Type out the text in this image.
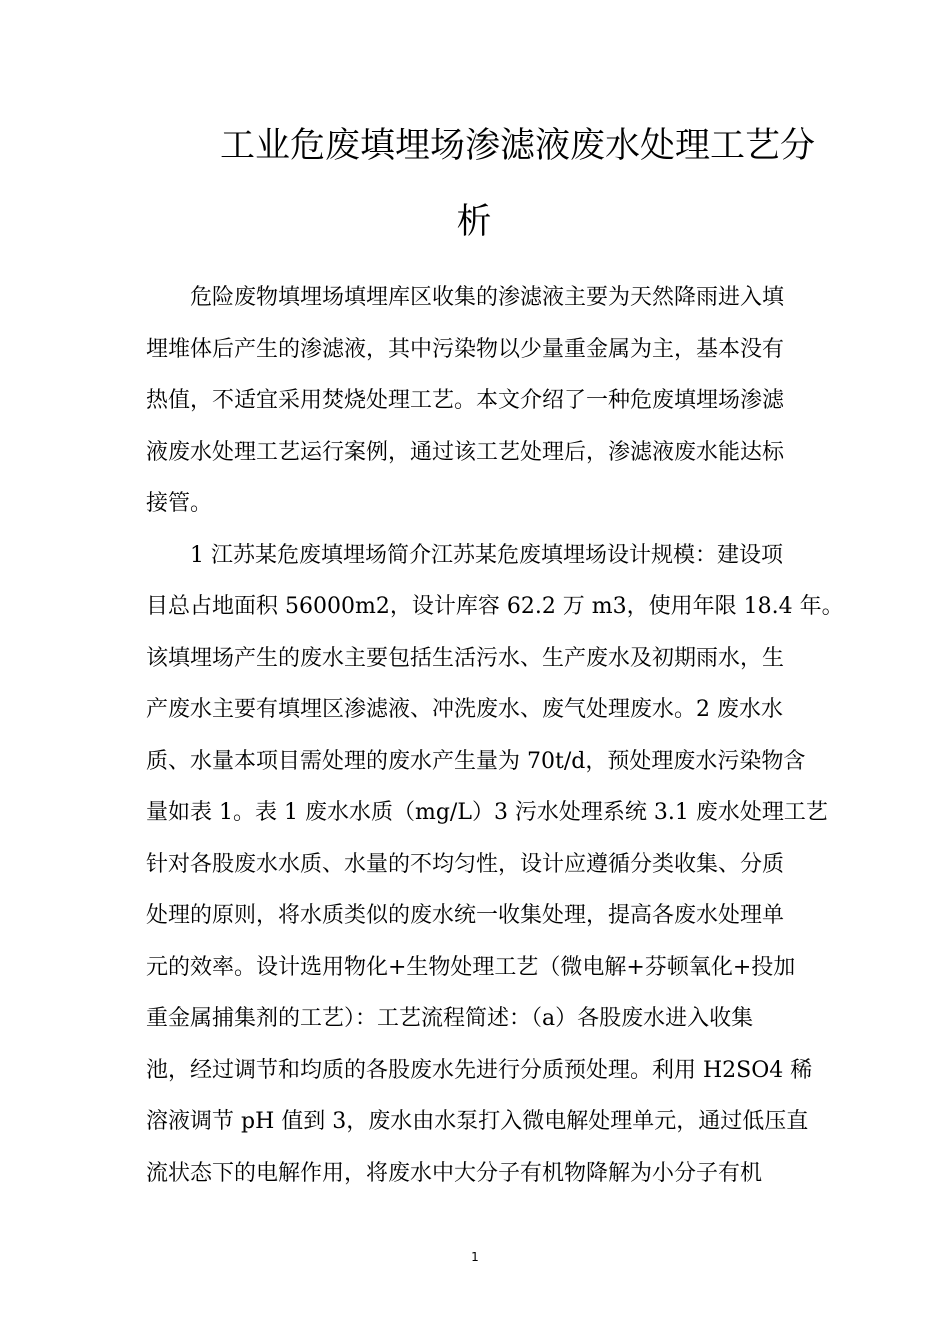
工业危废填埋场渗滤液废水处理工艺分
析
危险废物填埋场填埋库区收集的渗滤液主要为天然降雨进入填
埋堆体后产生的渗滤液，其中污染物以少量重金属为主，基本没有
热值，不适宜采用焚烧处理工艺。本文介绍了一种危废填埋场渗滤
液废水处理工艺运行案例，通过该工艺处理后，渗滤液废水能达标
接管。
1 江苏某危废填埋场简介江苏某危废填埋场设计规模：建设项
目总占地面积 56000m2，设计库容 62.2 万 m3，使用年限 18.4 年。
该填埋场产生的废水主要包括生活污水、生产废水及初期雨水，生
产废水主要有填埋区渗滤液、冲洗废水、废气处理废水。2 废水水
质、水量本项目需处理的废水产生量为 70t/d，预处理废水污染物含
量如表 1。表 1 废水水质（mg/L）3 污水处理系统 3.1 废水处理工艺
针对各股废水水质、水量的不均匀性，设计应遵循分类收集、分质
处理的原则，将水质类似的废水统一收集处理，提高各废水处理单
元的效率。设计选用物化+生物处理工艺（微电解+芬顿氧化+投加
重金属捕集剂的工艺）：工艺流程简述：（a）各股废水进入收集
池，经过调节和均质的各股废水先进行分质预处理。利用 H2SO4 稀
溶液调节 pH 值到 3，废水由水泵打入微电解处理单元，通过低压直
流状态下的电解作用，将废水中大分子有机物降解为小分子有机
1
